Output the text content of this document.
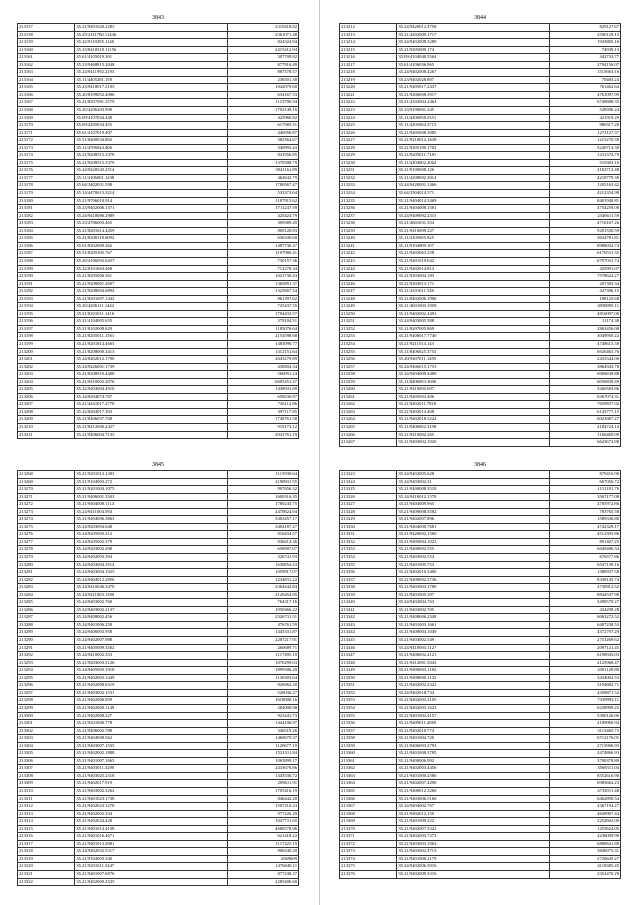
3843
213157	35.21/9491020.2285	2319418.82
213158	35.25/2111760.11446	2361071.48
213159	35.22/9110295.1140	824324.94
213160	35.23/8418310.11156	2415412.94
213161	35.61/4105019.301	307709.82
213162	35.23/9468815.2048	877916.49
213163	35.24/9411992.2193	887578.57
213164	35.11/4405281.158	236501.38
213165	35.23/9418017.3105	1942079.60
213166	35.20/8199052.4086	634167.33
213167	35.21/8207081.2579	1115706.94
213168	35.20/4206203.990	1702149.16
213169	35.09/4107034.449	425960.82
213170	35.09/4205034.455	617985.51
213171	35.61/4107019.407	446956.87
213172	35.51/8400034.802	382364.67
213173	35.11/4706044.406	340993.43
213174	35.21/9208515.3378	841956.85
213175	35.21/9208515.3379	1370398.79
213176	35.24/9420543.2514	3941161.89
213177	35.11/4106001.1238	462642.79
213178	35.64/3402031.598	1780567.47
213179	35.14/4470613.3214	533373.64
213180	35.21/9706010.914	1187915.62
213181	35.23/9402006.1371	1711247.39
213182	35.24/9418086.2989	425424.79
213183	35.23/4706003.465	309389.49
213184	35.21/8201614.4459	800120.83
213185	35.21/8208118.6092	636330.60
213186	35.61/8202009.262	1487736.47
213187	35.51/8205305.767	1107986.41
213188	35.20/4106092.6457	730157.36
213189	35.22/8101663.468	712278.34
213190	35.21/8205006.361	1021736.43
213191	35.21/9208001.2697	1365891.37
213192	35.21/9208094.6894	1325667.54
213193	35.21/8201697.1442	861397.62
213194	35.20/4206111.1442	725437.55
213195	35.21/8201011.1416	1794433.57
213196	35.21/4104005.655	379104.51
213197	35.21/8102008.629	1185076.64
213198	35.21/8205011.1561	2154598.68
213199	35.21/8201814.4665	1483096.77
213200	35.21/8208000.3413	1312151.64
213201	35.24/8402012.1790	2643279.89
213202	35.24/9426001.1739	430804.34
213203	35.21/8208910.4408	560091.24
213204	35.21/9410002.2076	6605451.47
213205	35.22/9404004.4910	1438941.69
213206	35.24/8204074.787	658236.87
213207	35.21/4441017.2778	726112.86
213208	35.22/8204017.303	397117.85
213209	35.21/8406037.708	1748761.58
213210	35.21/8412006.2427	919173.12
213211	35.21/9406004.7135	2941761.19
3844
213212	35.24/9420012.4758	829127.67
213213	35.21/4202009.1717	2590129.13
213214	35.24/9402008.3289	1943805.16
213215	35.21/9205009.174	74939.13
213216	35.09/4104040.5564	342733.77
213217	35.61/4106036.965	2794156.07
213218	35.24/9402008.4267	1515663.16
213219	35.23/9402028.807	70483.24
213220	35.21/9205017.2437	761462.64
213221	35.21/9206008.3917	4761097.99
213222	35.21/4102004.2464	6749688.35
213223	35.23/9100001.245	528390.24
213224	35.11/4200058.2351	421919.29
213225	35.11/4205004.3713	980317.20
213226	35.21/9405008.3085	1271127.37
213227	35.21/9210012.1638	1215270.39
213228	35.21/9205100.1702	5240714.30
213229	35.21/9205011.7181	1231374.79
213230	35.11/4204002.2062	510303.16
213231	35.21/9100008.126	4102713.48
213232	35.21/4208002.3014	4218779.39
213233	35.24/9420001.1466	1205163.42
213234	35.64/3504014.571	4212354.90
213235	35.21/9404014.3469	8401940.81
213236	35.21/9404008.1581	4754259.00
213237	35.24/9409092.2315	2346611.59
213238	35.21/4601031.354	4716167.26
213239	35.21/9410009.227	9201530.59
213240	35.11/4105005.925	3634781.81
213241	35.11/9104009.107	8988032.74
213242	35.21/9402063.258	6176531.35
213243	35.21/9401019.642	6797031.74
213244	35.21/9402014.813	425991.07
213245	35.21/9203004.183	7578622.27
213246	35.21/9203013.171	207383.34
213247	35.21/4101011.546	427396.15
213248	35.21/8402006.1906	188125.68
213249	35.21/4601003.1958	4958095.11
213250	35.21/9402002.4491	4816097.00
213251	35.24/9403005.588	11174.38
213252	35.21/8207005.869	2863456.08
213253	35.21/9406017.7740	3049950.22
213254	35.21/9211014.143	4748615.58
213255	35.11/8406025.3753	6926463.76
213256	35.20/9407011.1495	2433344.00
213257	35.24/9406015.1753	3864943.78
213258	35.24/9404009.4489	6906639.88
213259	35.11/8406003.3006	6056839.49
213260	35.21/9410005.697	3260584.86
213261	35.21/9405003.406	6367074.31
213262	35.21/9402011.7818	7659837.02
213263	35.21/9402014.408	6143777.15
213264	35.21/9402018.3224	6023967.27
213265	35.11/9406002.3198	4184724.14
213266	35.21/9410002.265	1166469.99
213267	35.21/9403002.1026	6623672.88
3845
213268	35.21/9201013.1303	1115930.64
213269	35.21/9104003.272	2190931.55
213270	35.21/9201004.1075	997656.32
213271	35.21/9406001.3503	1600316.35
213272	35.21/9404008.1114	1780243.75
213273	35.24/9411004.594	2470624.94
213274	35.21/9404006.3863	3303457.17
213275	35.24/9203094.648	3404187.27
213276	35.24/9205003.212	816434.57
213277	35.24/9205002.379	836414.36
213278	35.24/9203002.298	658907.07
213279	35.24/9402003.394	326741.93
213280	35.24/9404004.3514	1630854.43
213281	35.24/9403004.1925	1059917.07
213282	35.24/9404012.2856	1234831.22
213283	35.24/9410046.3470	2364442.84
213284	35.24/9411003.1390	2120454.85
213285	35.24/9403002.760	764317.16
213286	35.24/9403002.2137	1050466.22
213287	35.24/9408002.456	2326731.51
213288	35.24/9401006.258	476761.59
213289	35.24/9406003.958	1445331.87
213290	35.24/9402007.988	2207217.91
213291	35.21/9405009.3502	260689.71
213292	35.24/9410002.353	1117495.10
213293	35.21/9203003.3126	1070299.63
213294	35.24/9405003.1918	1899306.20
213295	35.21/9402003.1449	1130303.64
213296	35.21/9402008.6519	926962.20
213297	35.21/9403002.1531	526036.27
213298	35.21/9402006.959	1618008.16
213299	35.21/9402000.1149	284000.98
213300	35.21/9402008.327	923441.73
213301	35.21/9201006.778	1444106.97
213302	35.21/9406002.788	346519.26
213303	35.21/9404008.562	1460679.37
213304	35.21/9403007.1535	1120677.19
213305	35.21/9402002.1888	1521311.84
213306	35.21/9401007.1665	1065899.17
213307	35.21/9403011.3290	2433676.86
213308	35.21/9403025.2318	1345536.72
213309	35.21/9402017.919	209611.91
213310	35.21/9403002.3262	1705416.19
213311	35.21/9401023.1738	846442.28
213312	35.21/9402023.1278	1507216.23
213313	35.21/9402002.334	977226.29
213314	35.21/9402024.428	1047731.65
213315	35.21/9401014.4138	4680578.96
213316	35.21/9401016.4671	621418.22
213317	35.21/9401013.2081	1117425.19
213318	35.24/9402032.5317	906340.20
213319	35.21/9104003.340	2569609
213320	35.21/9201011.5447	1476040.11
213321	35.21/9401007.6876	877238.37
213322	35.21/9402000.2535	2285406.60
3846
213323	35.24/9402005.628	879416.96
213324	35.24/9403002.31	667056.72
213325	35.21/9400008.3518	1151181.76
213326	35.24/9410012.1578	3567177.08
213327	35.21/9404009.965	4785972.86
213328	35.21/9409008.3582	783765.58
213329	35.21/9402007.896	1589336.80
213330	35.21/9404000.7681	4742329.17
213331	35.21/9420002.1560	4512395.86
213332	35.21/9405004.1023	891407.25
213333	35.21/9400002.555	6649486.54
213334	35.21/9403002.554	676577.86
213335	35.21/9401005.753	6547139.16
213336	35.21/9402010.3400	1380937.58
213337	35.21/9408002.3736	8338145.74
213338	35.21/9403003.1780	4730912.52
213339	35.21/9401005.397	8844537.98
213340	35.24/9402004.763	3498579.27
213341	35.21/9403002.705	434298.28
213342	35.21/9408006.2348	6063272.52
213343	35.21/9401003.1661	6407238.53
213344	35.21/9400004.1049	4372797.29
213345	35.21/9403002.549	2751269.62
213346	35.24/9410003.1127	2097121.45
213347	35.21/9406002.4121	6198943.03
213348	35.21/9412001.5043	2123968.47
213349	35.21/9400003.1182	4301129.80
213350	35.21/9408000.1132	3434002.53
213351	35.21/9402002.2322	3194682.71
213352	35.24/9402018.734	4358871.52
213353	35.21/9402003.3105	7339993.11
213354	35.21/9402003.1623	6238999.25
213355	35.21/9401002.4157	5300126.96
213356	35.21/9409011.2069	2109966.94
213357	35.21/9402010.774	3113465.73
213358	35.21/9401004.720	6712176.01
213359	35.21/9406003.2793	2713906.93
213360	35.21/9401008.3785	2474866.93
213361	35.21/9400006.992	3700378.80
213362	35.21/9402003.4456	3568311.04
213363	35.21/9401000.2580	8552616.90
213364	35.21/9402007.4290	6983662.23
213365	35.21/9400012.3266	4734911.48
213366	35.21/9403006.5166	6462890.54
213367	35.24/9404002.767	4367194.27
213368	35.21/9402012.150	4630907.44
213369	35.21/9401009.222	2252602.00
213370	35.21/9402007.3322	1255624.05
213371	35.21/9402003.7273	4236009.90
213372	35.21/9403003.1063	6880641.88
213373	35.21/9403002.4713	3846975.31
213374	35.21/9401000.2179	2720645.27
213375	35.24/9402006.5016	4118385.45
213376	35.21/9402009.3316	2354470.29
